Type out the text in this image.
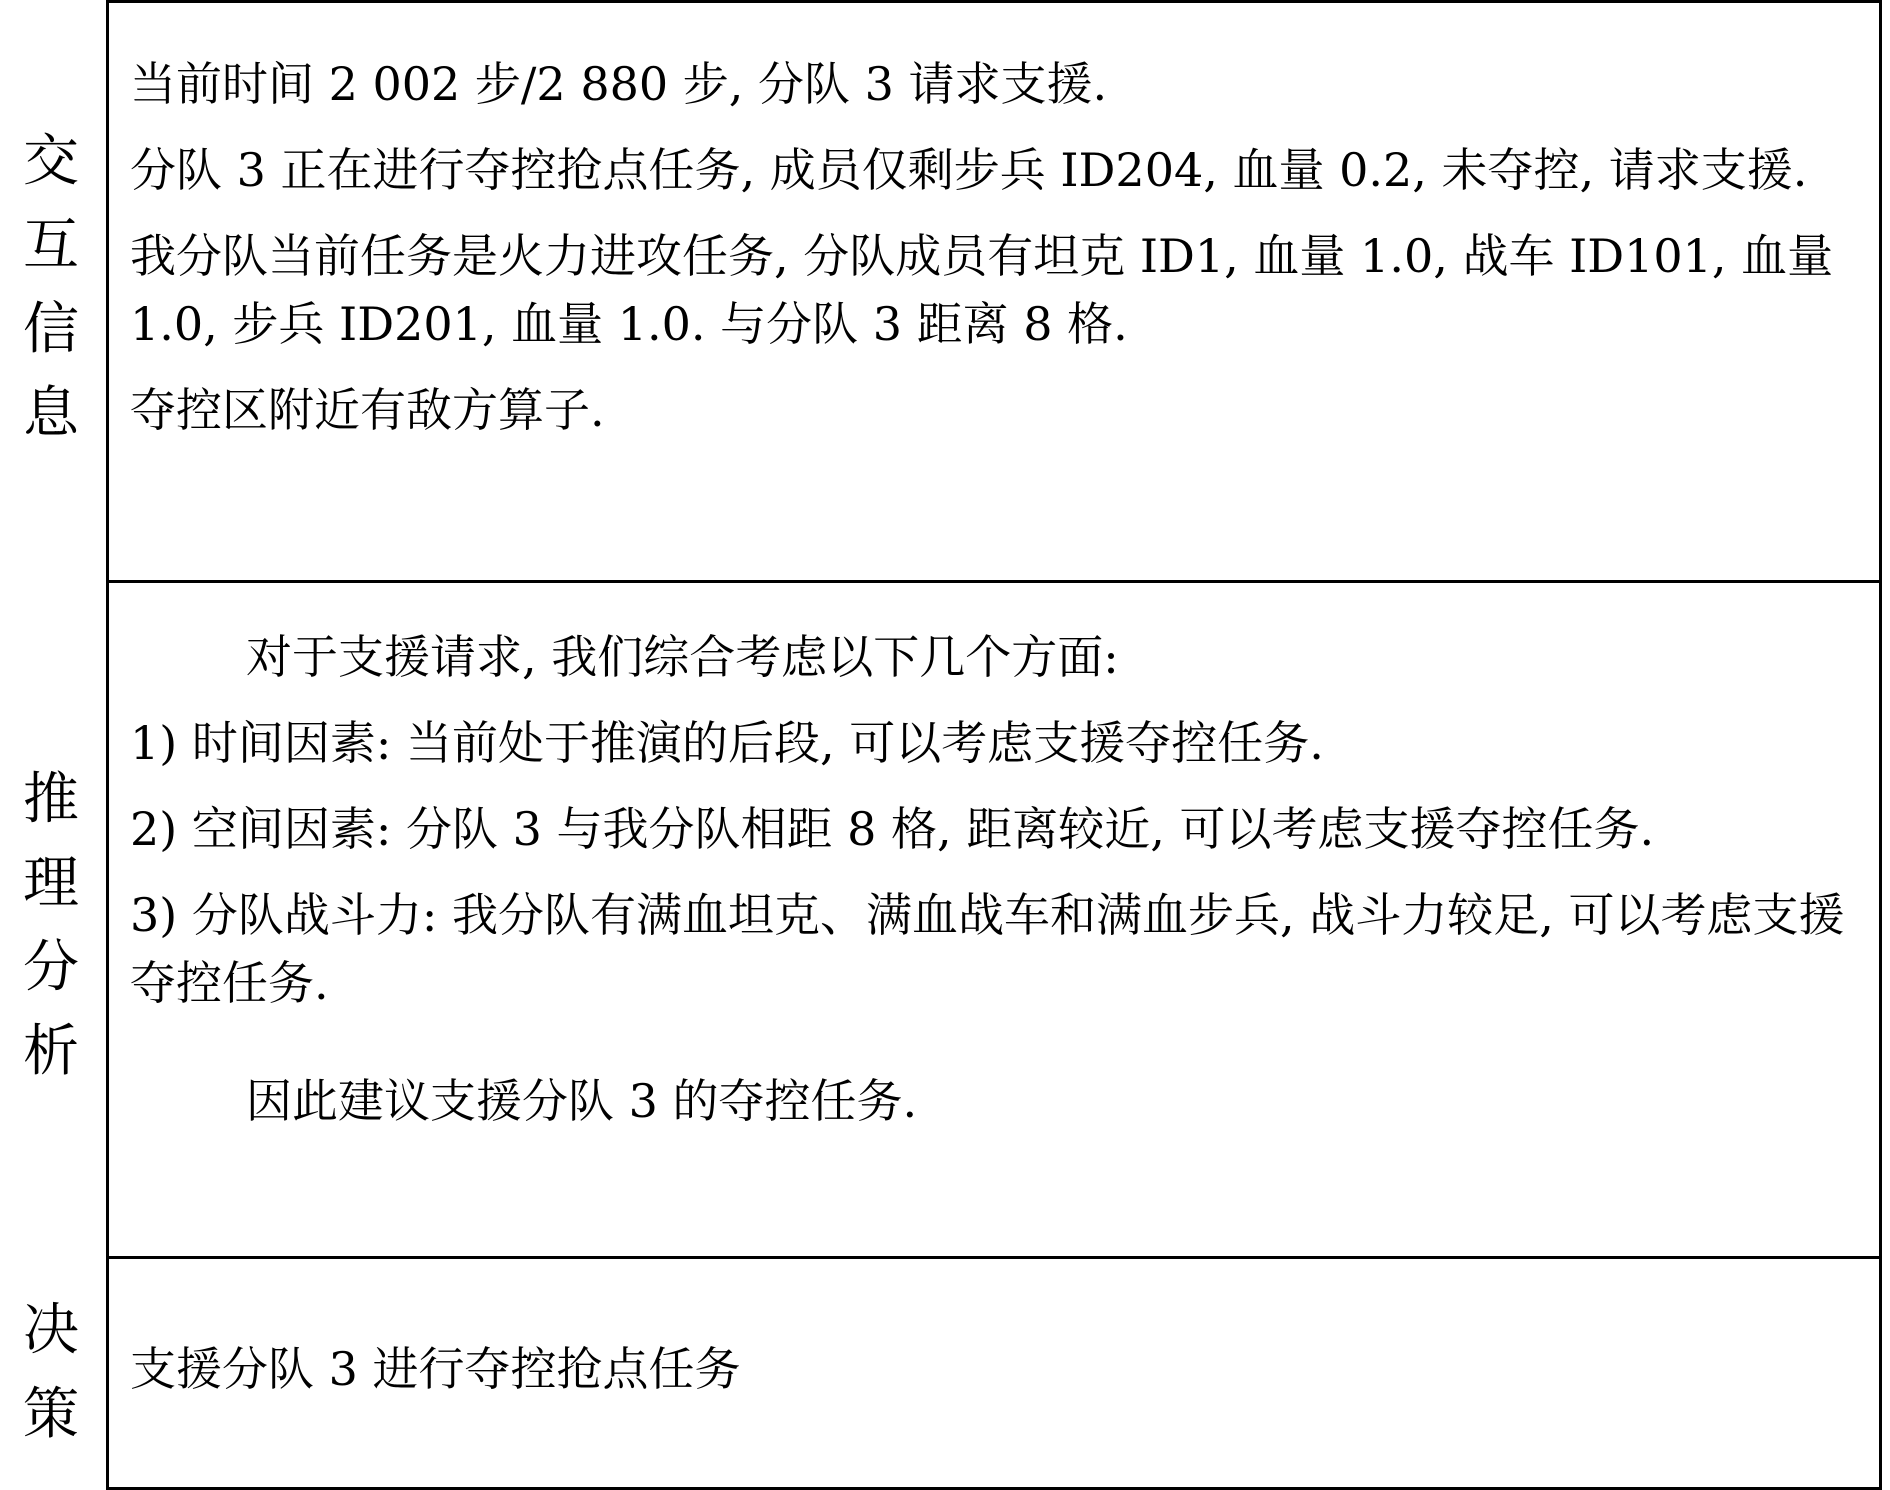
交互信息

当前时间 2 002 步/2 880 步, 分队 3 请求支援.

分队 3 正在进行夺控抢点任务, 成员仅剩步兵 ID204, 血量 0.2, 未夺控, 请求支援.

我分队当前任务是火力进攻任务, 分队成员有坦克 ID1, 血量 1.0, 战车 ID101, 血量 1.0, 步兵 ID201, 血量 1.0. 与分队 3 距离 8 格.

夺控区附近有敌方算子.

推理分析

对于支援请求, 我们综合考虑以下几个方面:

1) 时间因素: 当前处于推演的后段, 可以考虑支援夺控任务.

2) 空间因素: 分队 3 与我分队相距 8 格, 距离较近, 可以考虑支援夺控任务.

3) 分队战斗力: 我分队有满血坦克、满血战车和满血步兵, 战斗力较足, 可以考虑支援夺控任务.

因此建议支援分队 3 的夺控任务.

决策

支援分队 3 进行夺控抢点任务
